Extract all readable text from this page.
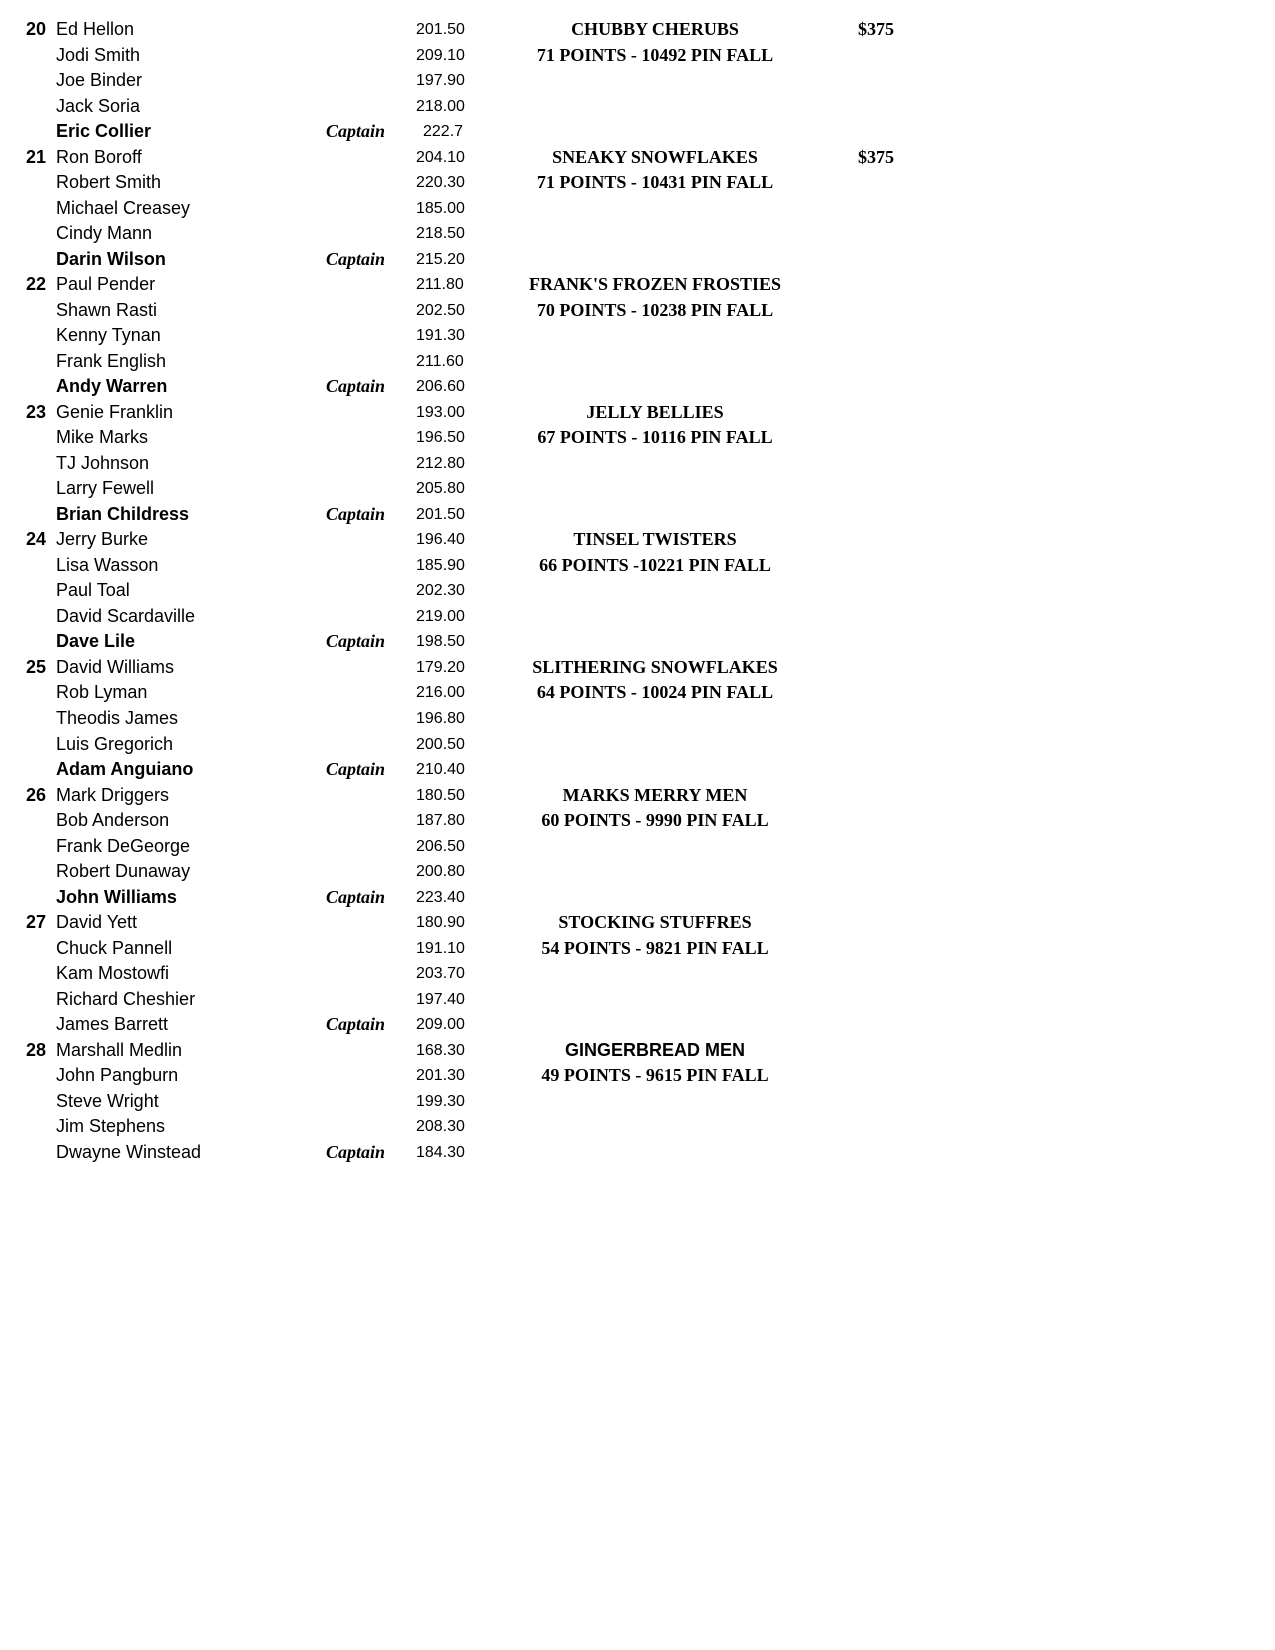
20 Ed Hellon	201.50	CHUBBY CHERUBS	$375
Jodi Smith	209.10	71 POINTS - 10492 PIN FALL
Joe Binder	197.90
Jack Soria	218.00
Eric Collier	Captain 222.7
21 Ron Boroff	204.10	SNEAKY SNOWFLAKES	$375
Robert Smith	220.30	71 POINTS - 10431 PIN FALL
Michael Creasey	185.00
Cindy Mann	218.50
Darin Wilson	Captain 215.20
22 Paul Pender	211.80	FRANK'S FROZEN FROSTIES
Shawn Rasti	202.50	70 POINTS - 10238 PIN FALL
Kenny Tynan	191.30
Frank English	211.60
Andy Warren	Captain 206.60
23 Genie Franklin	193.00	JELLY BELLIES
Mike Marks	196.50	67 POINTS - 10116 PIN FALL
TJ Johnson	212.80
Larry Fewell	205.80
Brian Childress	Captain 201.50
24 Jerry Burke	196.40	TINSEL TWISTERS
Lisa Wasson	185.90	66 POINTS -10221 PIN FALL
Paul Toal	202.30
David Scardaville	219.00
Dave Lile	Captain 198.50
25 David Williams	179.20	SLITHERING SNOWFLAKES
Rob Lyman	216.00	64 POINTS - 10024 PIN FALL
Theodis James	196.80
Luis Gregorich	200.50
Adam Anguiano	Captain 210.40
26 Mark Driggers	180.50	MARKS MERRY MEN
Bob Anderson	187.80	60 POINTS - 9990 PIN FALL
Frank DeGeorge	206.50
Robert Dunaway	200.80
John Williams	Captain 223.40
27 David Yett	180.90	STOCKING STUFFRES
Chuck Pannell	191.10	54 POINTS - 9821 PIN FALL
Kam Mostowfi	203.70
Richard Cheshier	197.40
James Barrett	Captain 209.00
28 Marshall Medlin	168.30	GINGERBREAD MEN
John Pangburn	201.30	49 POINTS - 9615 PIN FALL
Steve Wright	199.30
Jim Stephens	208.30
Dwayne Winstead	Captain 184.30
